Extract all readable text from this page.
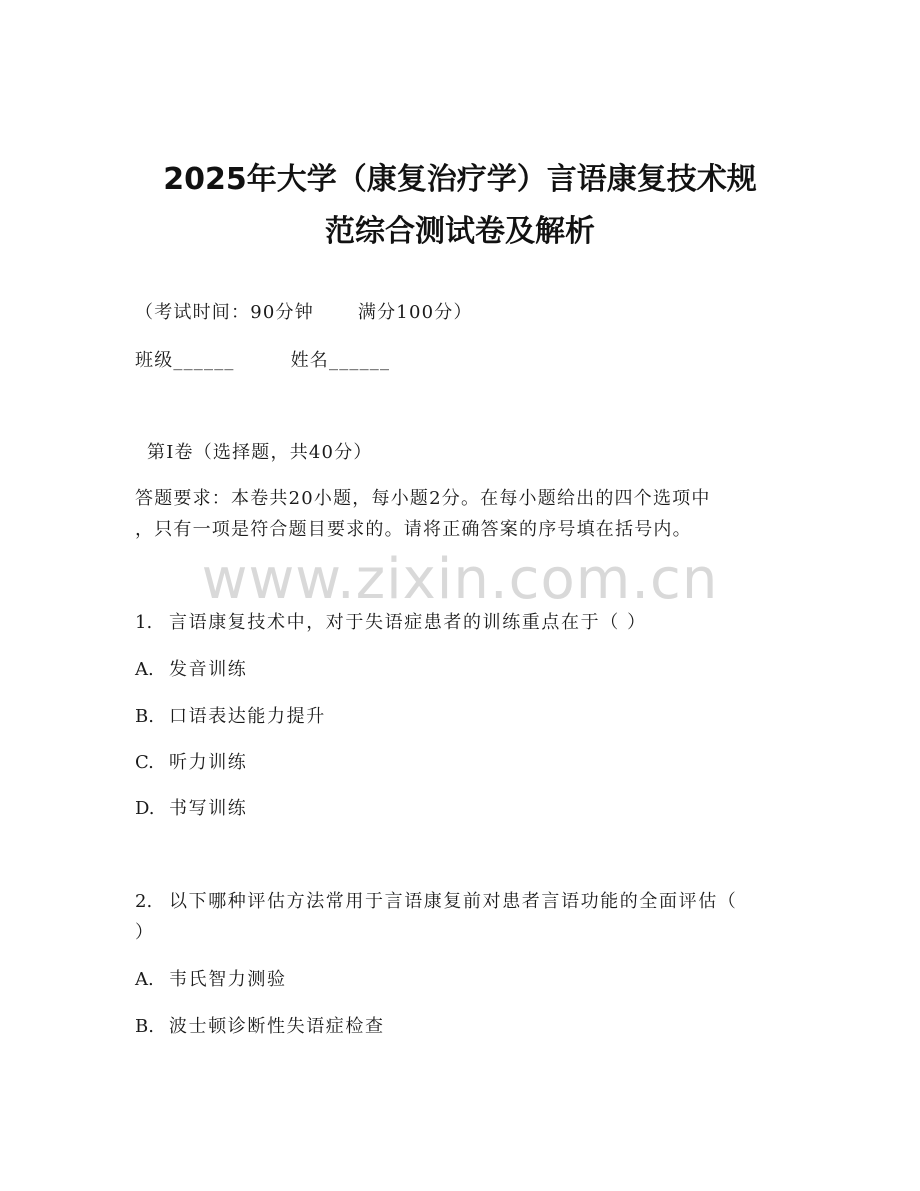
www.zixin.com.cn
2025年大学（康复治疗学）言语康复技术规
范综合测试卷及解析
（考试时间：90分钟 满分100分）
班级______	姓名______
第Ⅰ卷（选择题，共40分）
答题要求：本卷共20小题，每小题2分。在每小题给出的四个选项中
，只有一项是符合题目要求的。请将正确答案的序号填在括号内。
1. 言语康复技术中，对于失语症患者的训练重点在于（ ）
A. 发音训练
B. 口语表达能力提升
C. 听力训练
D. 书写训练
2. 以下哪种评估方法常用于言语康复前对患者言语功能的全面评估（
）
A. 韦氏智力测验
B. 波士顿诊断性失语症检查
